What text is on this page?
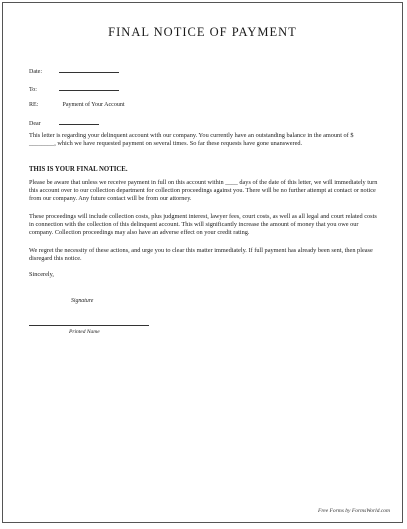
FINAL NOTICE OF PAYMENT
Date:
To:
RE:	Payment of Your Account
Dear

This letter is regarding your delinquent account with our company. You currently have an outstanding balance in the amount of $ ________, which we have requested payment on several times. So far these requests have gone unanswered.

THIS IS YOUR FINAL NOTICE.

Please be aware that unless we receive payment in full on this account within ____ days of the date of this letter, we will immediately turn this account over to our collection department for collection proceedings against you. There will be no further attempt at contact or notice from our company. Any future contact will be from our attorney.

These proceedings will include collection costs, plus judgment interest, lawyer fees, court costs, as well as all legal and court related costs in connection with the collection of this delinquent account. This will significantly increase the amount of money that you owe our company. Collection proceedings may also have an adverse effect on your credit rating.

We regret the necessity of these actions, and urge you to clear this matter immediately. If full payment has already been sent, then please disregard this notice.

Sincerely,
Signature
Printed Name
Free Forms by FormsWorld.com
